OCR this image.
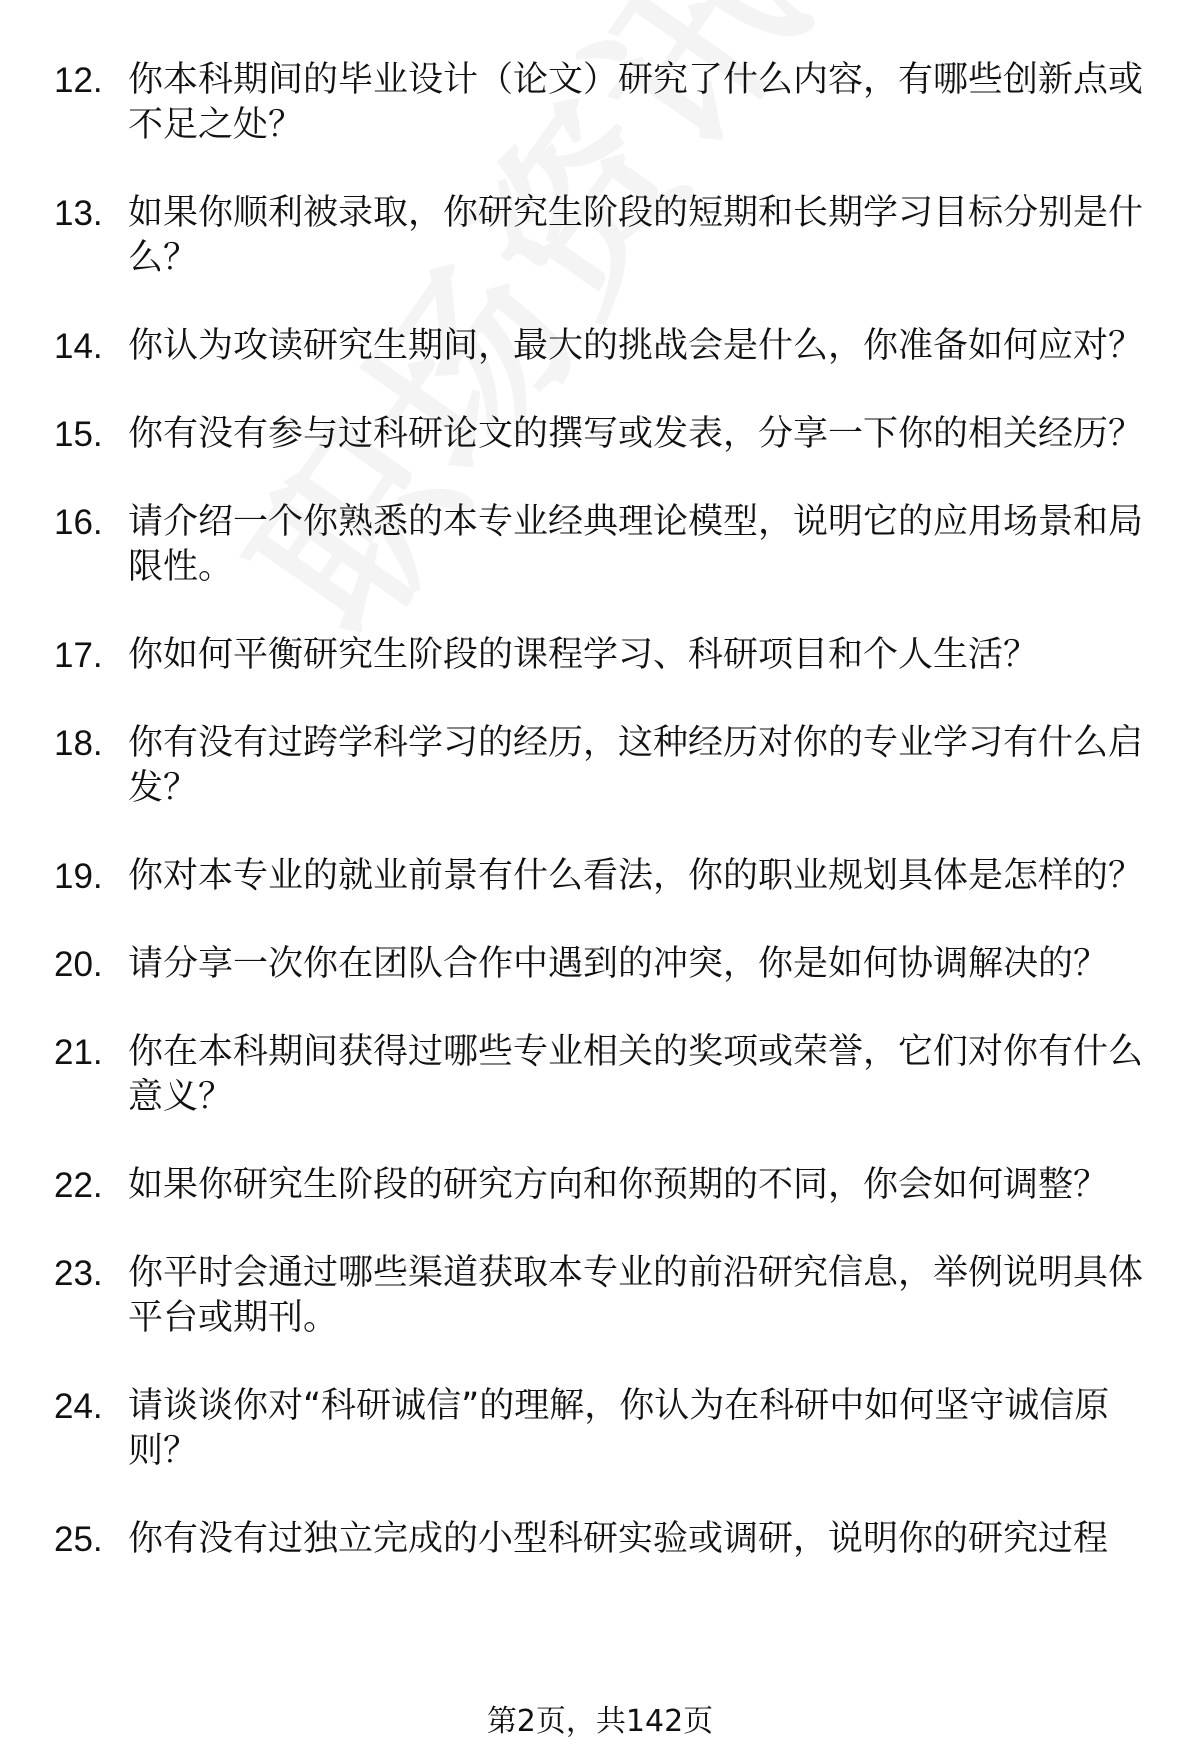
12. 你本科期间的毕业设计（论文）研究了什么内容，有哪些创新点或不足之处？
13. 如果你顺利被录取，你研究生阶段的短期和长期学习目标分别是什么？
14. 你认为攻读研究生期间，最大的挑战会是什么，你准备如何应对？
15. 你有没有参与过科研论文的撰写或发表，分享一下你的相关经历？
16. 请介绍一个你熟悉的本专业经典理论模型，说明它的应用场景和局限性。
17. 你如何平衡研究生阶段的课程学习、科研项目和个人生活？
18. 你有没有过跨学科学习的经历，这种经历对你的专业学习有什么启发？
19. 你对本专业的就业前景有什么看法，你的职业规划具体是怎样的？
20. 请分享一次你在团队合作中遇到的冲突，你是如何协调解决的？
21. 你在本科期间获得过哪些专业相关的奖项或荣誉，它们对你有什么意义？
22. 如果你研究生阶段的研究方向和你预期的不同，你会如何调整？
23. 你平时会通过哪些渠道获取本专业的前沿研究信息，举例说明具体平台或期刊。
24. 请谈谈你对“科研诚信”的理解，你认为在科研中如何坚守诚信原则？
25. 你有没有过独立完成的小型科研实验或调研，说明你的研究过程
第2页，共142页
